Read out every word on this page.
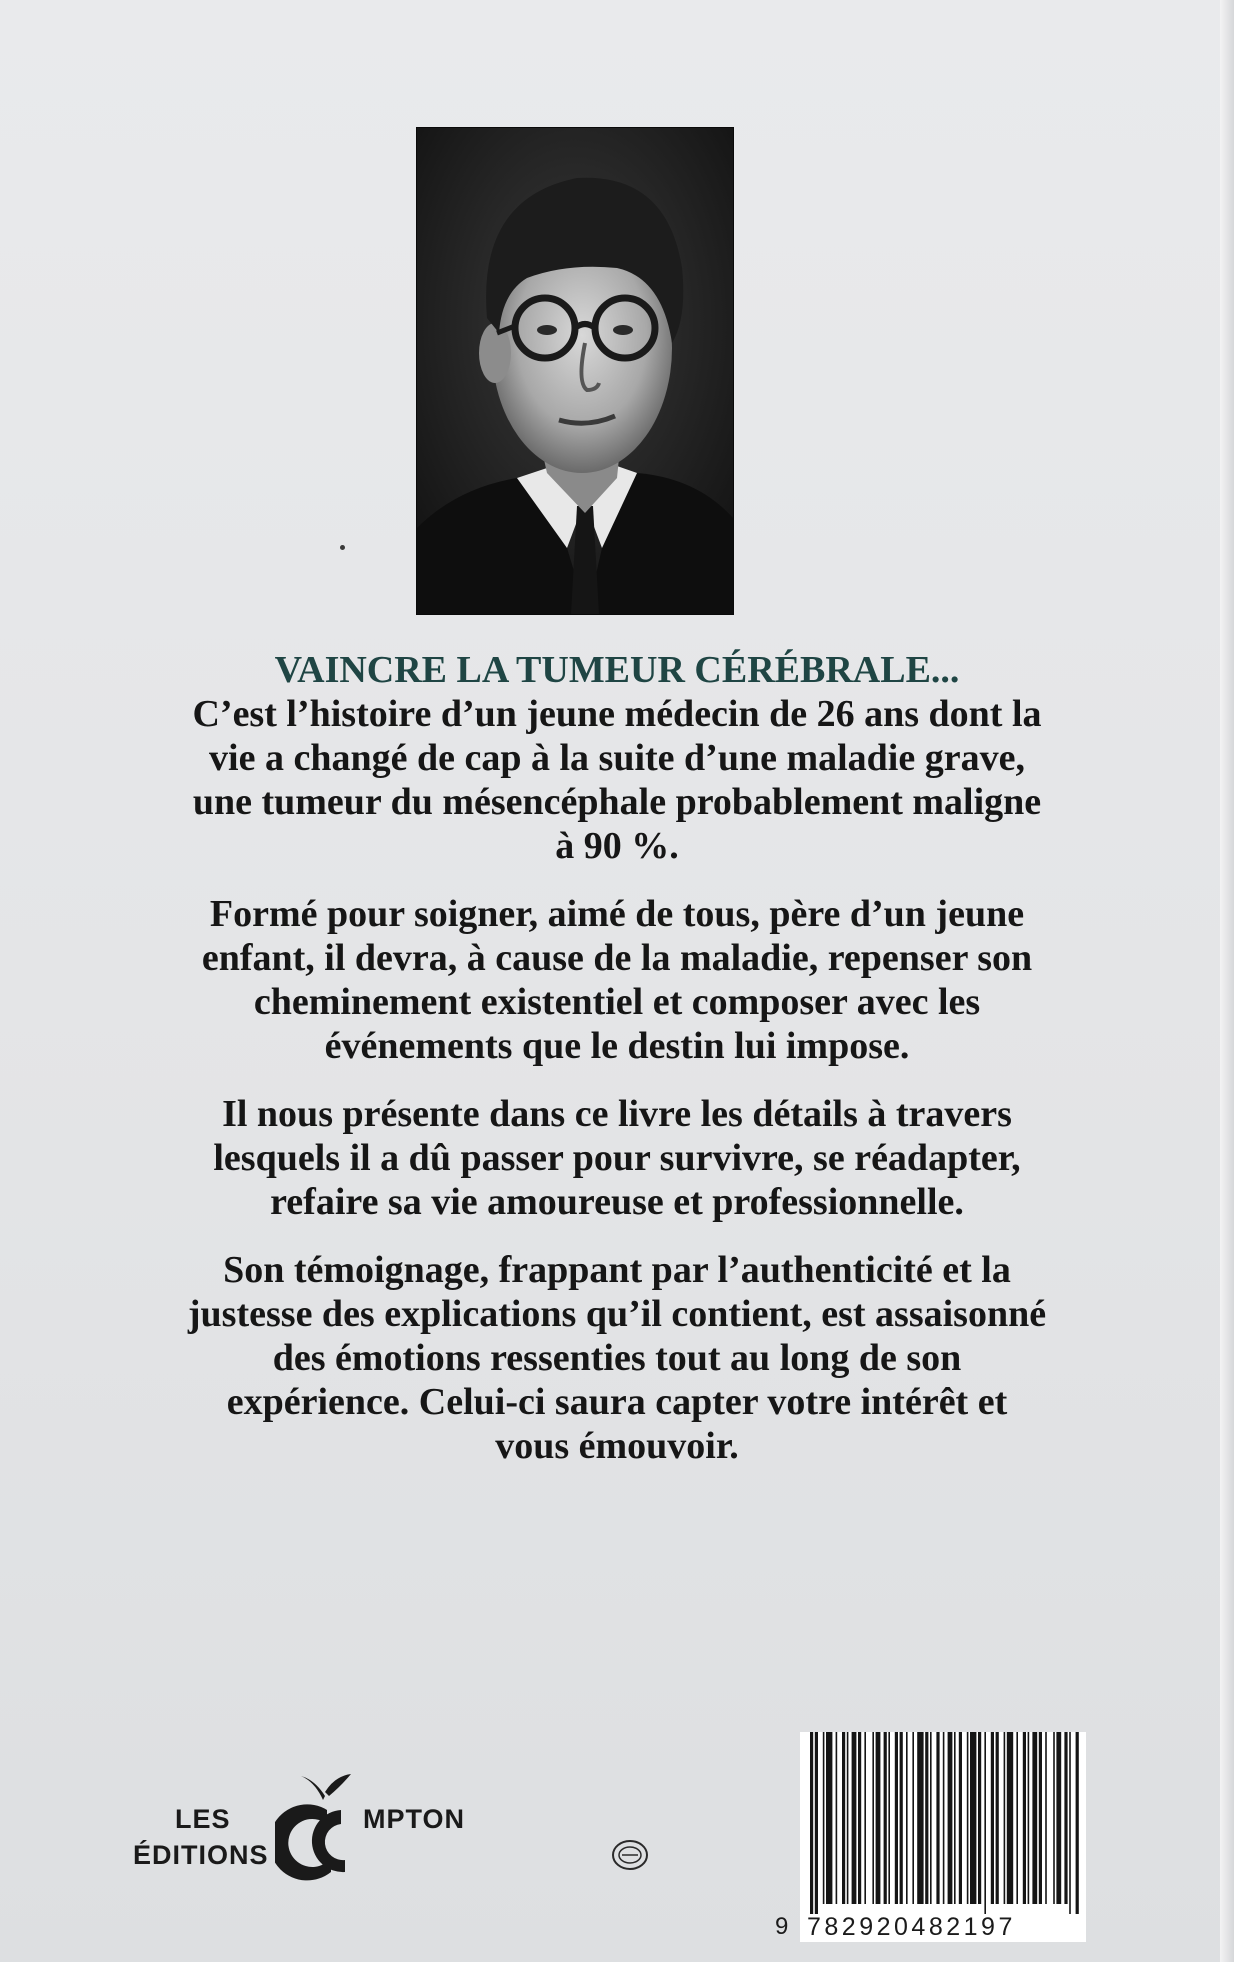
VAINCRE LA TUMEUR CÉRÉBRALE...
C’est l’histoire d’un jeune médecin de 26 ans dont la
vie a changé de cap à la suite d’une maladie grave,
une tumeur du mésencéphale probablement maligne
à 90 %.
Formé pour soigner, aimé de tous, père d’un jeune
enfant, il devra, à cause de la maladie, repenser son
cheminement existentiel et composer avec les
événements que le destin lui impose.
Il nous présente dans ce livre les détails à travers
lesquels il a dû passer pour survivre, se réadapter,
refaire sa vie amoureuse et professionnelle.
Son témoignage, frappant par l’authenticité et la
justesse des explications qu’il contient, est assaisonné
des émotions ressenties tout au long de son
expérience. Celui-ci saura capter votre intérêt et
vous émouvoir.
LES
ÉDITIONS
MPTON
9 782920482197
